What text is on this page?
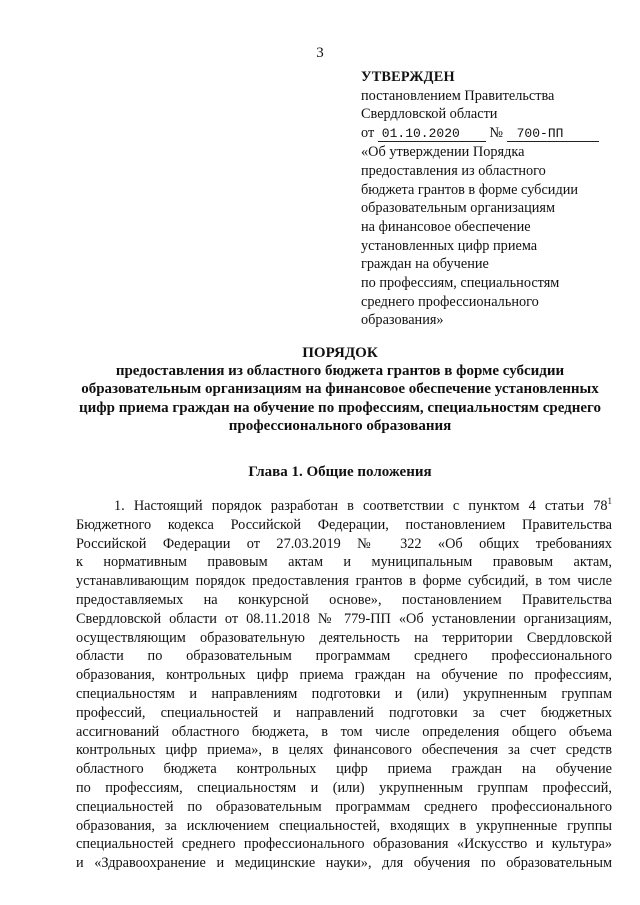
3
УТВЕРЖДЕН
постановлением Правительства
Свердловской области
от 01.10.2020 № 700-ПП
«Об утверждении Порядка
предоставления из областного
бюджета грантов в форме субсидии
образовательным организациям
на финансовое обеспечение
установленных цифр приема
граждан на обучение
по профессиям, специальностям
среднего профессионального
образования»
ПОРЯДОК
предоставления из областного бюджета грантов в форме субсидии
образовательным организациям на финансовое обеспечение установленных
цифр приема граждан на обучение по профессиям, специальностям среднего
профессионального образования
Глава 1. Общие положения
1. Настоящий порядок разработан в соответствии с пунктом 4 статьи $78^1$
Бюджетного кодекса Российской Федерации, постановлением Правительства
Российской Федерации от 27.03.2019 № 322 «Об общих требованиях
к нормативным правовым актам и муниципальным правовым актам,
устанавливающим порядок предоставления грантов в форме субсидий, в том числе
предоставляемых на конкурсной основе», постановлением Правительства
Свердловской области от 08.11.2018 № 779-ПП «Об установлении организациям,
осуществляющим образовательную деятельность на территории Свердловской
области по образовательным программам среднего профессионального
образования, контрольных цифр приема граждан на обучение по профессиям,
специальностям и направлениям подготовки и (или) укрупненным группам
профессий, специальностей и направлений подготовки за счет бюджетных
ассигнований областного бюджета, в том числе определения общего объема
контрольных цифр приема», в целях финансового обеспечения за счет средств
областного бюджета контрольных цифр приема граждан на обучение
по профессиям, специальностям и (или) укрупненным группам профессий,
специальностей по образовательным программам среднего профессионального
образования, за исключением специальностей, входящих в укрупненные группы
специальностей среднего профессионального образования «Искусство и культура»
и «Здравоохранение и медицинские науки», для обучения по образовательным
